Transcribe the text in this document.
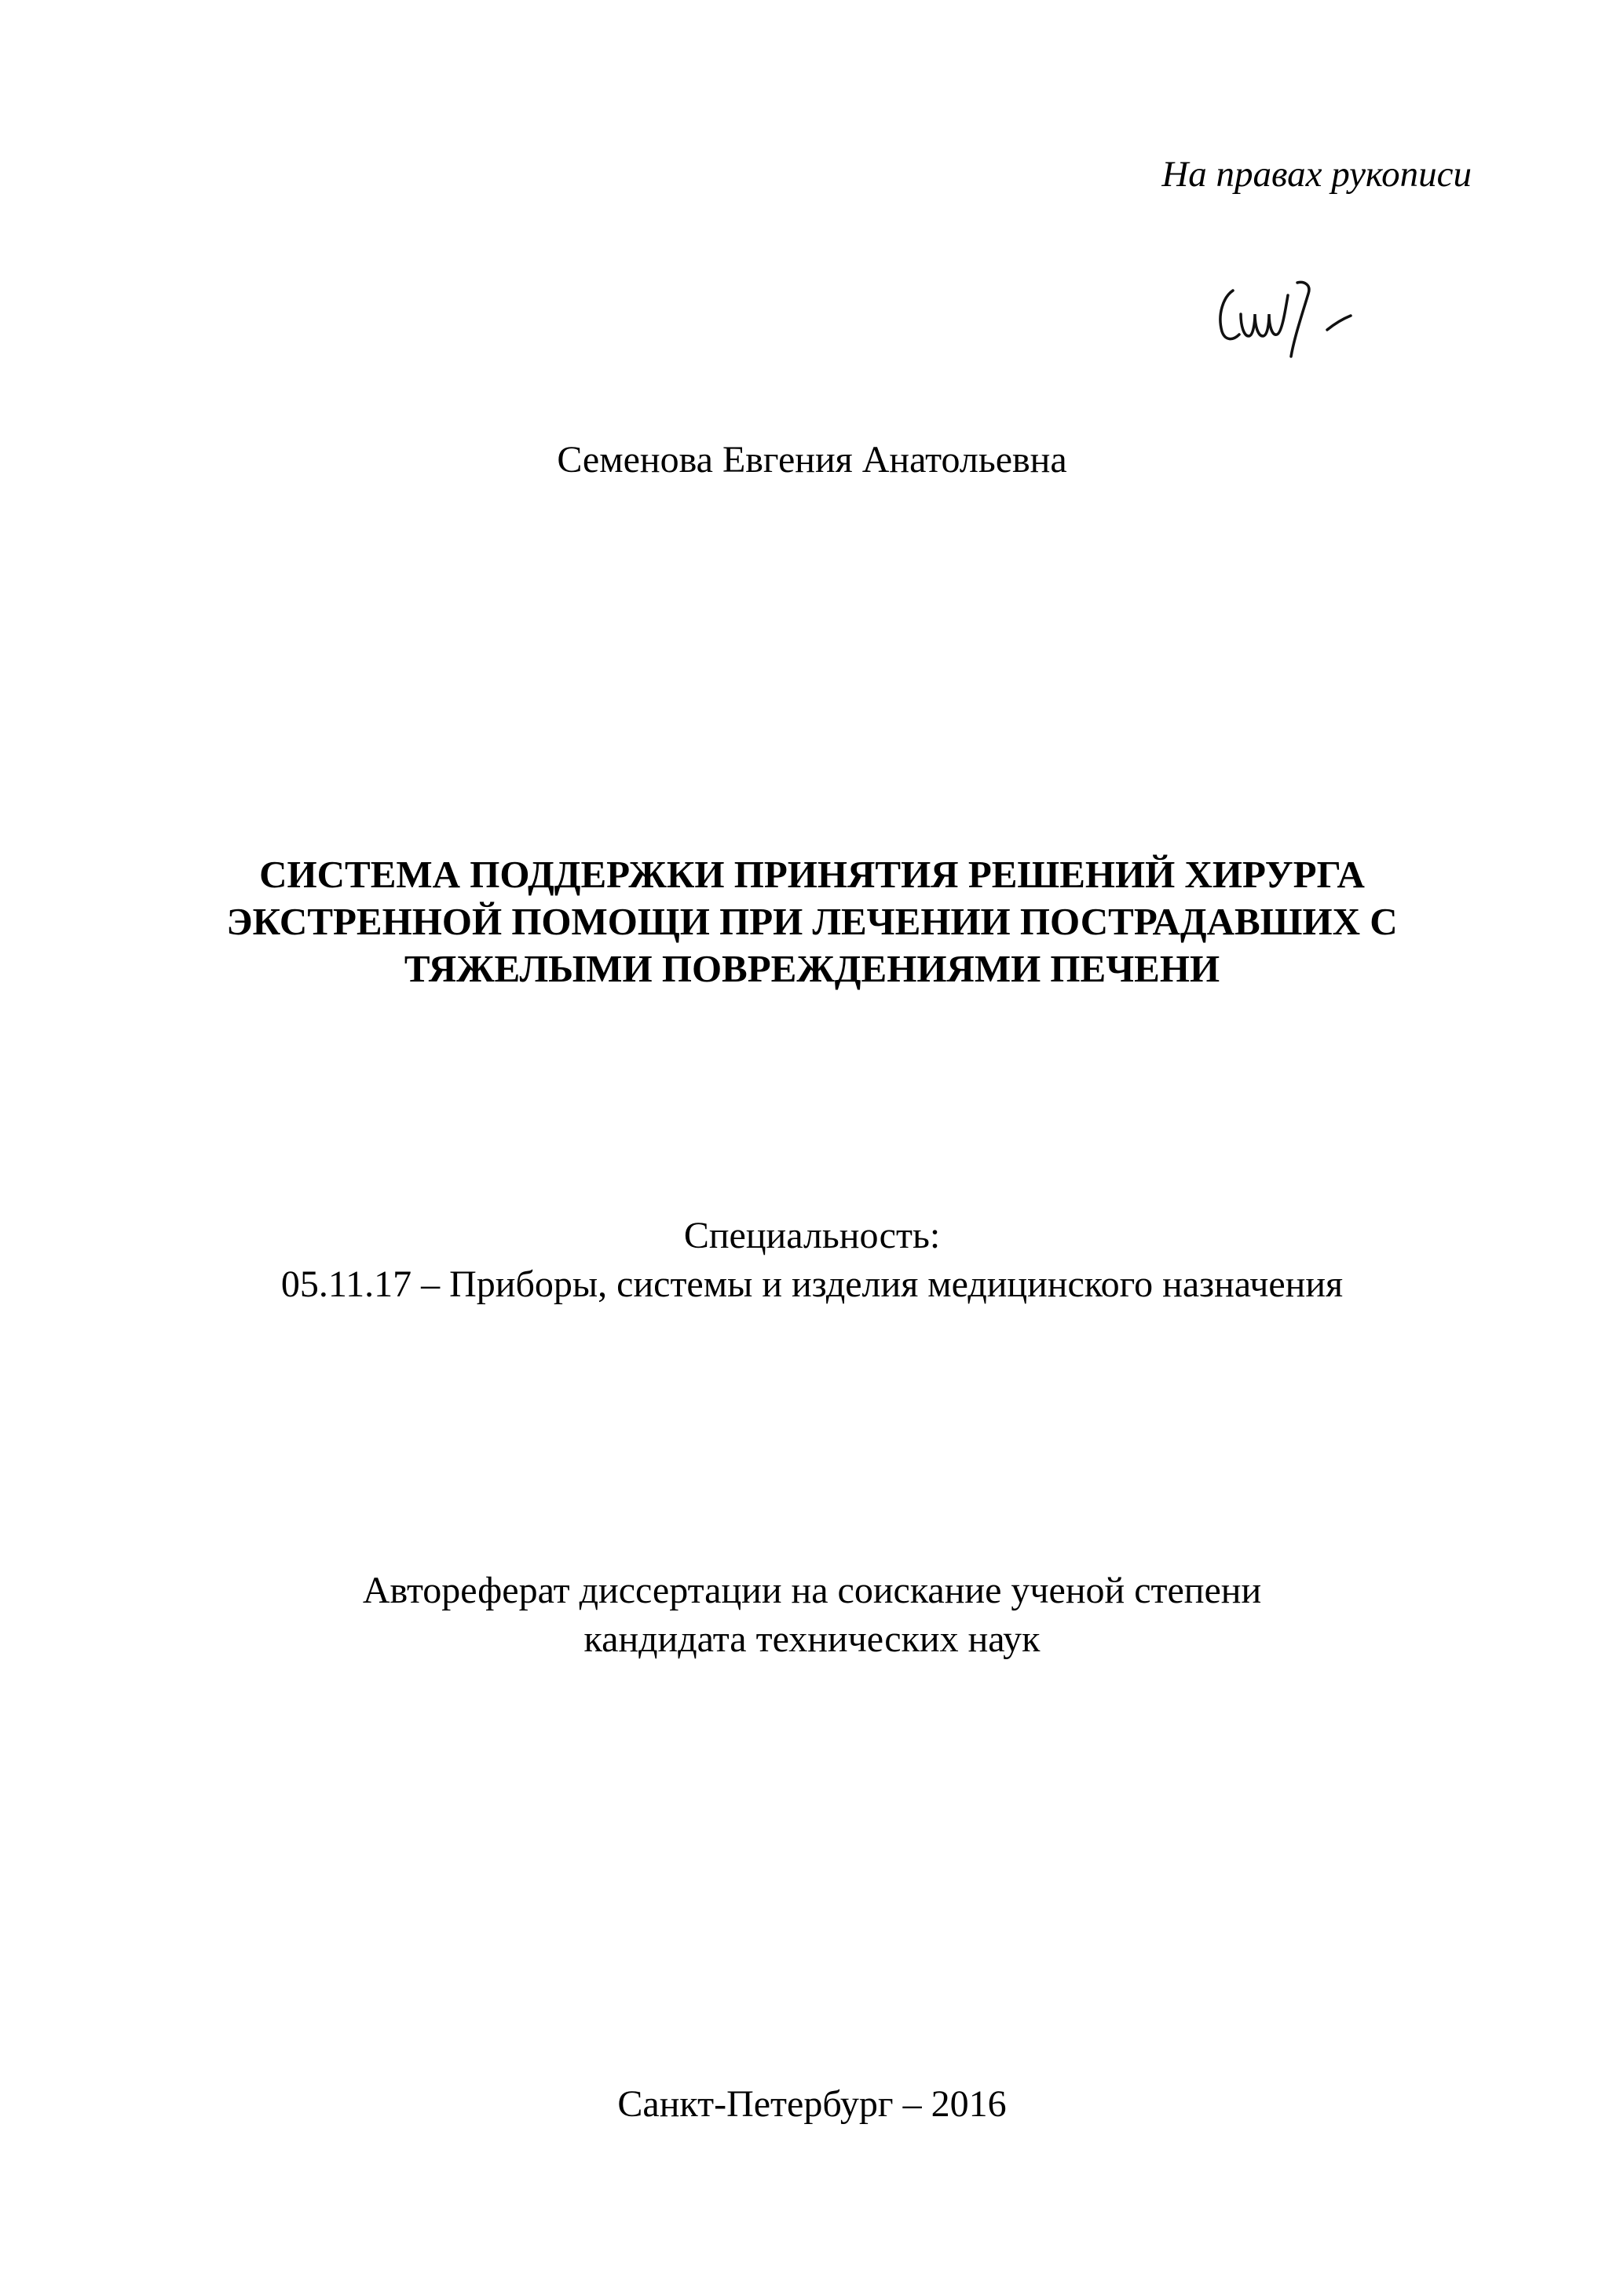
На правах рукописи
Семенова Евгения Анатольевна
СИСТЕМА ПОДДЕРЖКИ ПРИНЯТИЯ РЕШЕНИЙ ХИРУРГА
ЭКСТРЕННОЙ ПОМОЩИ ПРИ ЛЕЧЕНИИ ПОСТРАДАВШИХ С
ТЯЖЕЛЫМИ ПОВРЕЖДЕНИЯМИ ПЕЧЕНИ
Специальность:
05.11.17 – Приборы, системы и изделия медицинского назначения
Автореферат диссертации на соискание ученой степени
кандидата технических наук
Санкт-Петербург – 2016
